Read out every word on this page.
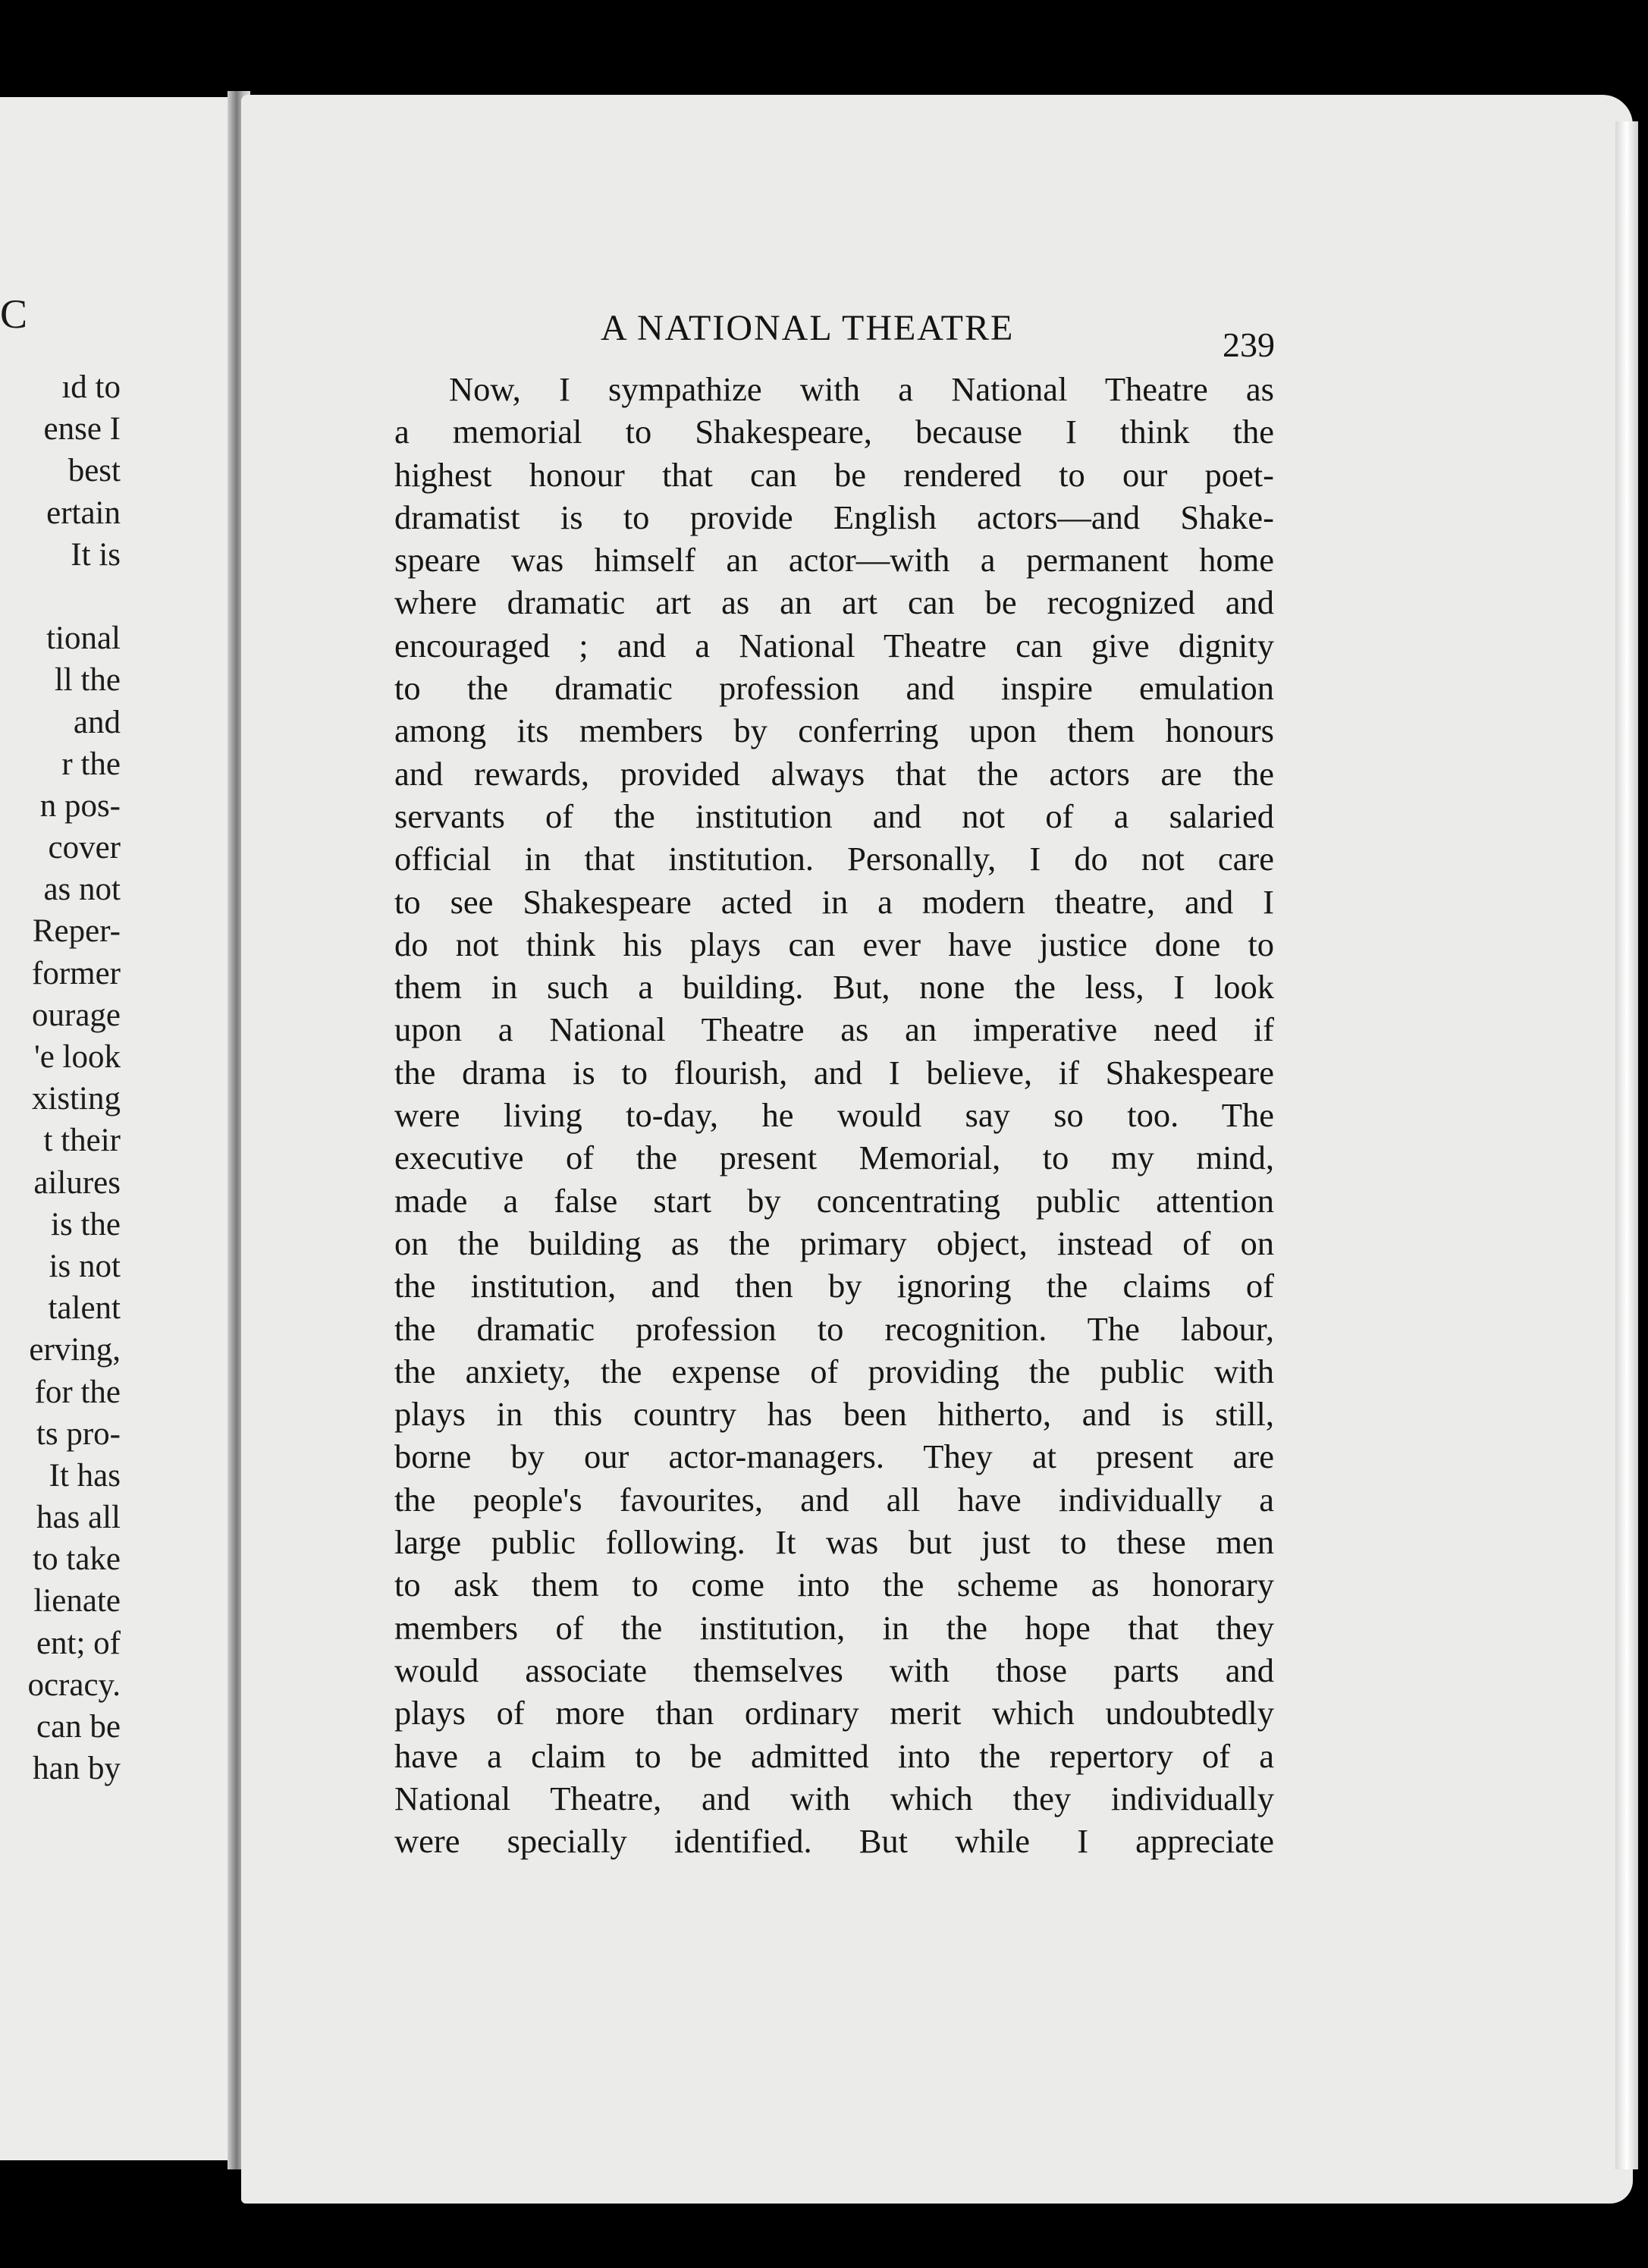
C
ıd to
ense I
best
ertain
It is
tional
ll the
and
r the
n pos-
cover
as not
Reper-
former
ourage
'e look
xisting
t their
ailures
is the
is not
talent
erving,
for the
ts pro-
It has
has all
to take
lienate
ent; of
ocracy.
can be
han by
A NATIONAL THEATRE	239
Now, I sympathize with a National Theatre as
a memorial to Shakespeare, because I think the
highest honour that can be rendered to our poet-
dramatist is to provide English actors—and Shake-
speare was himself an actor—with a permanent home
where dramatic art as an art can be recognized and
encouraged ; and a National Theatre can give dignity
to the dramatic profession and inspire emulation
among its members by conferring upon them honours
and rewards, provided always that the actors are the
servants of the institution and not of a salaried
official in that institution. Personally, I do not care
to see Shakespeare acted in a modern theatre, and I
do not think his plays can ever have justice done to
them in such a building. But, none the less, I look
upon a National Theatre as an imperative need if
the drama is to flourish, and I believe, if Shakespeare
were living to-day, he would say so too. The
executive of the present Memorial, to my mind,
made a false start by concentrating public attention
on the building as the primary object, instead of on
the institution, and then by ignoring the claims of
the dramatic profession to recognition. The labour,
the anxiety, the expense of providing the public with
plays in this country has been hitherto, and is still,
borne by our actor-managers. They at present are
the people's favourites, and all have individually a
large public following. It was but just to these men
to ask them to come into the scheme as honorary
members of the institution, in the hope that they
would associate themselves with those parts and
plays of more than ordinary merit which undoubtedly
have a claim to be admitted into the repertory of a
National Theatre, and with which they individually
were specially identified. But while I appreciate
